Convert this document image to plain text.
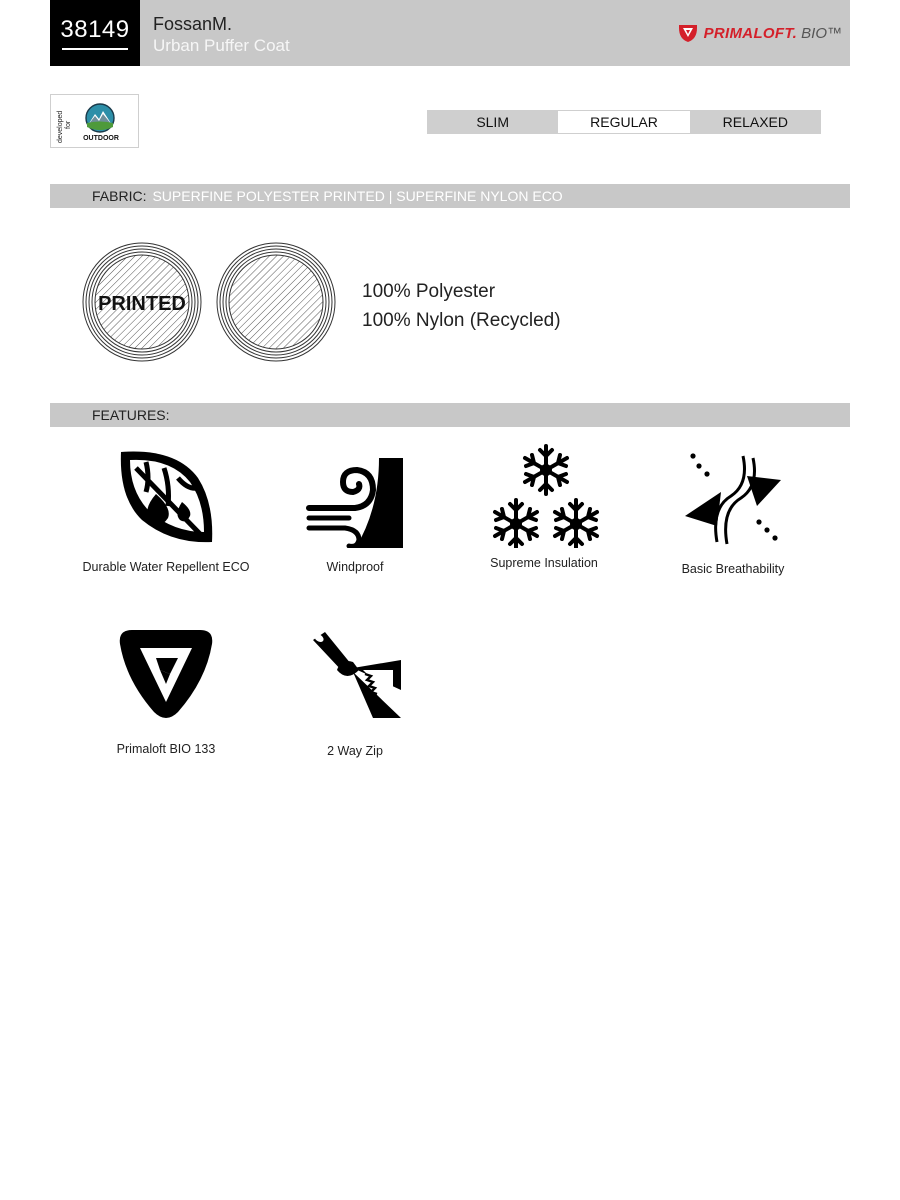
38149	FossanM.
Urban Puffer Coat
PRIMALOFT. BIO™
developed for
OUTDOOR
SLIM	REGULAR	RELAXED
FABRIC: SUPERFINE POLYESTER PRINTED | SUPERFINE NYLON ECO
PRINTED
100% Polyester
100% Nylon (Recycled)
FEATURES:
Durable Water Repellent ECO	Windproof	Supreme Insulation	Basic Breathability
Primaloft BIO 133	2 Way Zip
